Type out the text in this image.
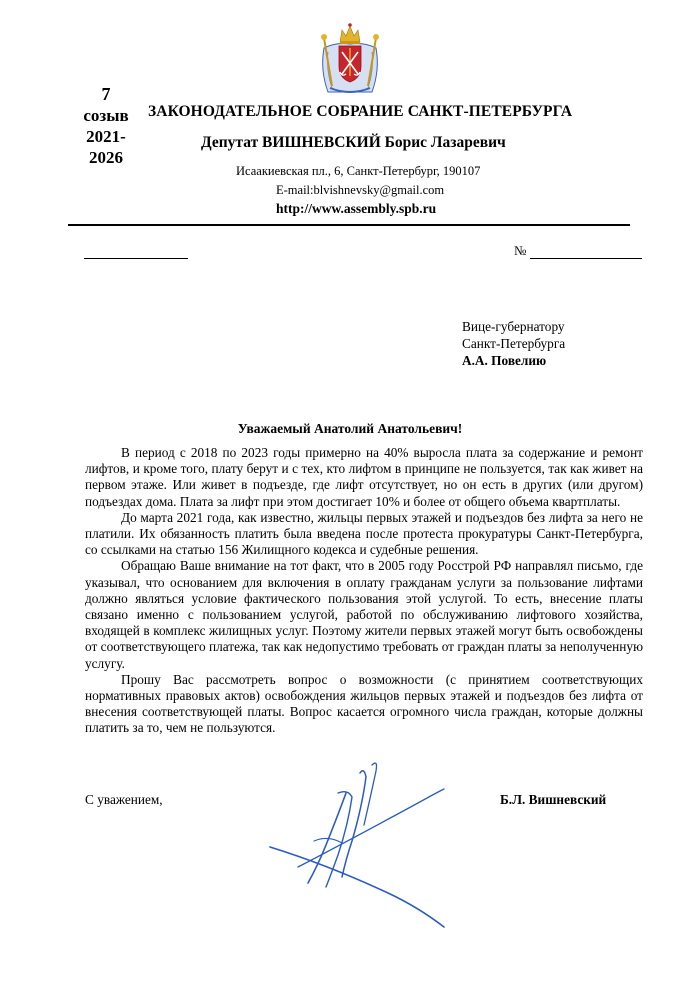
7
созыв
2021-
2026
ЗАКОНОДАТЕЛЬНОЕ СОБРАНИЕ САНКТ-ПЕТЕРБУРГА
Депутат ВИШНЕВСКИЙ Борис Лазаревич
Исаакиевская пл., 6, Санкт-Петербург, 190107
E-mail:blvishnevsky@gmail.com
http://www.assembly.spb.ru
№
Вице-губернатору
Санкт-Петербурга
А.А. Повелию
Уважаемый Анатолий Анатольевич!

В период с 2018 по 2023 годы примерно на 40% выросла плата за содержание и ремонт лифтов, и кроме того, плату берут и с тех, кто лифтом в принципе не пользуется, так как живет на первом этаже. Или живет в подъезде, где лифт отсутствует, но он есть в других (или другом) подъездах дома. Плата за лифт при этом достигает 10% и более от общего объема квартплаты.

До марта 2021 года, как известно, жильцы первых этажей и подъездов без лифта за него не платили. Их обязанность платить была введена после протеста прокуратуры Санкт-Петербурга, со ссылками на статью 156 Жилищного кодекса и судебные решения.

Обращаю Ваше внимание на тот факт, что в 2005 году Росстрой РФ направлял письмо, где указывал, что основанием для включения в оплату гражданам услуги за пользование лифтами должно являться условие фактического пользования этой услугой. То есть, внесение платы связано именно с пользованием услугой, работой по обслуживанию лифтового хозяйства, входящей в комплекс жилищных услуг. Поэтому жители первых этажей могут быть освобождены от соответствующего платежа, так как недопустимо требовать от граждан платы за неполученную услугу.

Прошу Вас рассмотреть вопрос о возможности (с принятием соответствующих нормативных правовых актов) освобождения жильцов первых этажей и подъездов без лифта от внесения соответствующей платы. Вопрос касается огромного числа граждан, которые должны платить за то, чем не пользуются.

С уважением,	Б.Л. Вишневский
